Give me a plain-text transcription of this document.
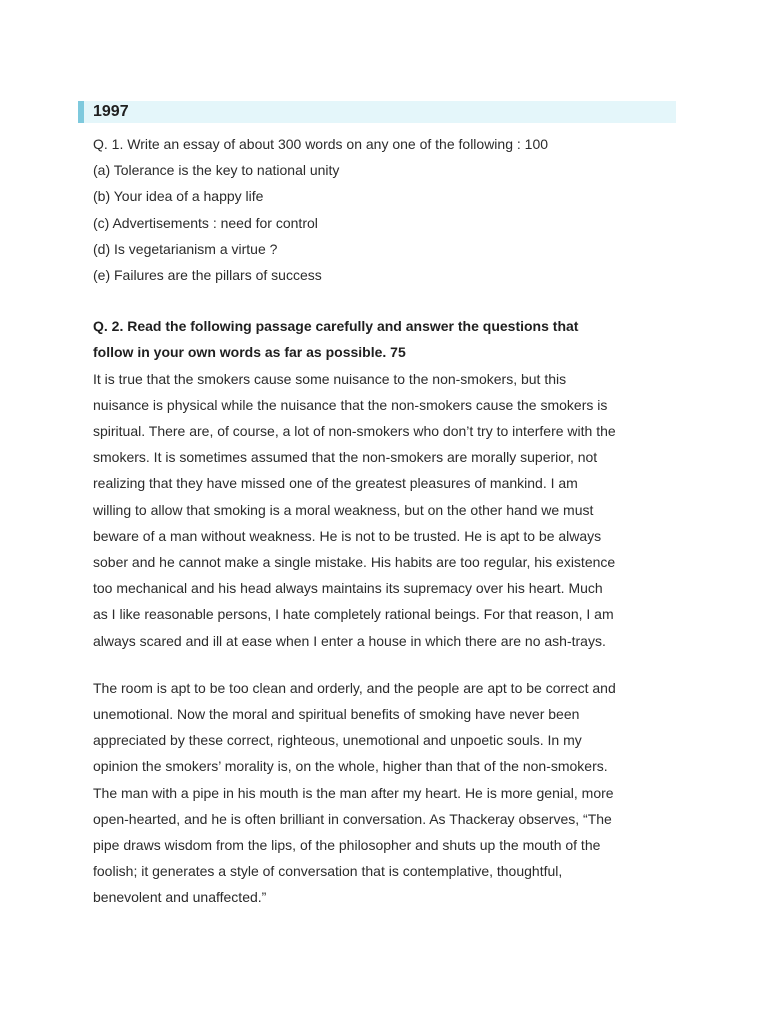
1997

Q. 1. Write an essay of about 300 words on any one of the following : 100

(a) Tolerance is the key to national unity

(b) Your idea of a happy life

(c) Advertisements : need for control

(d) Is vegetarianism a virtue ?

(e) Failures are the pillars of success

Q. 2. Read the following passage carefully and answer the questions that

follow in your own words as far as possible. 75

It is true that the smokers cause some nuisance to the non-smokers, but this

nuisance is physical while the nuisance that the non-smokers cause the smokers is

spiritual. There are, of course, a lot of non-smokers who don’t try to interfere with the

smokers. It is sometimes assumed that the non-smokers are morally superior, not

realizing that they have missed one of the greatest pleasures of mankind. I am

willing to allow that smoking is a moral weakness, but on the other hand we must

beware of a man without weakness. He is not to be trusted. He is apt to be always

sober and he cannot make a single mistake. His habits are too regular, his existence

too mechanical and his head always maintains its supremacy over his heart. Much

as I like reasonable persons, I hate completely rational beings. For that reason, I am

always scared and ill at ease when I enter a house in which there are no ash-trays.

The room is apt to be too clean and orderly, and the people are apt to be correct and

unemotional. Now the moral and spiritual benefits of smoking have never been

appreciated by these correct, righteous, unemotional and unpoetic souls. In my

opinion the smokers’ morality is, on the whole, higher than that of the non-smokers.

The man with a pipe in his mouth is the man after my heart. He is more genial, more

open-hearted, and he is often brilliant in conversation. As Thackeray observes, “The

pipe draws wisdom from the lips, of the philosopher and shuts up the mouth of the

foolish; it generates a style of conversation that is contemplative, thoughtful,

benevolent and unaffected.”
